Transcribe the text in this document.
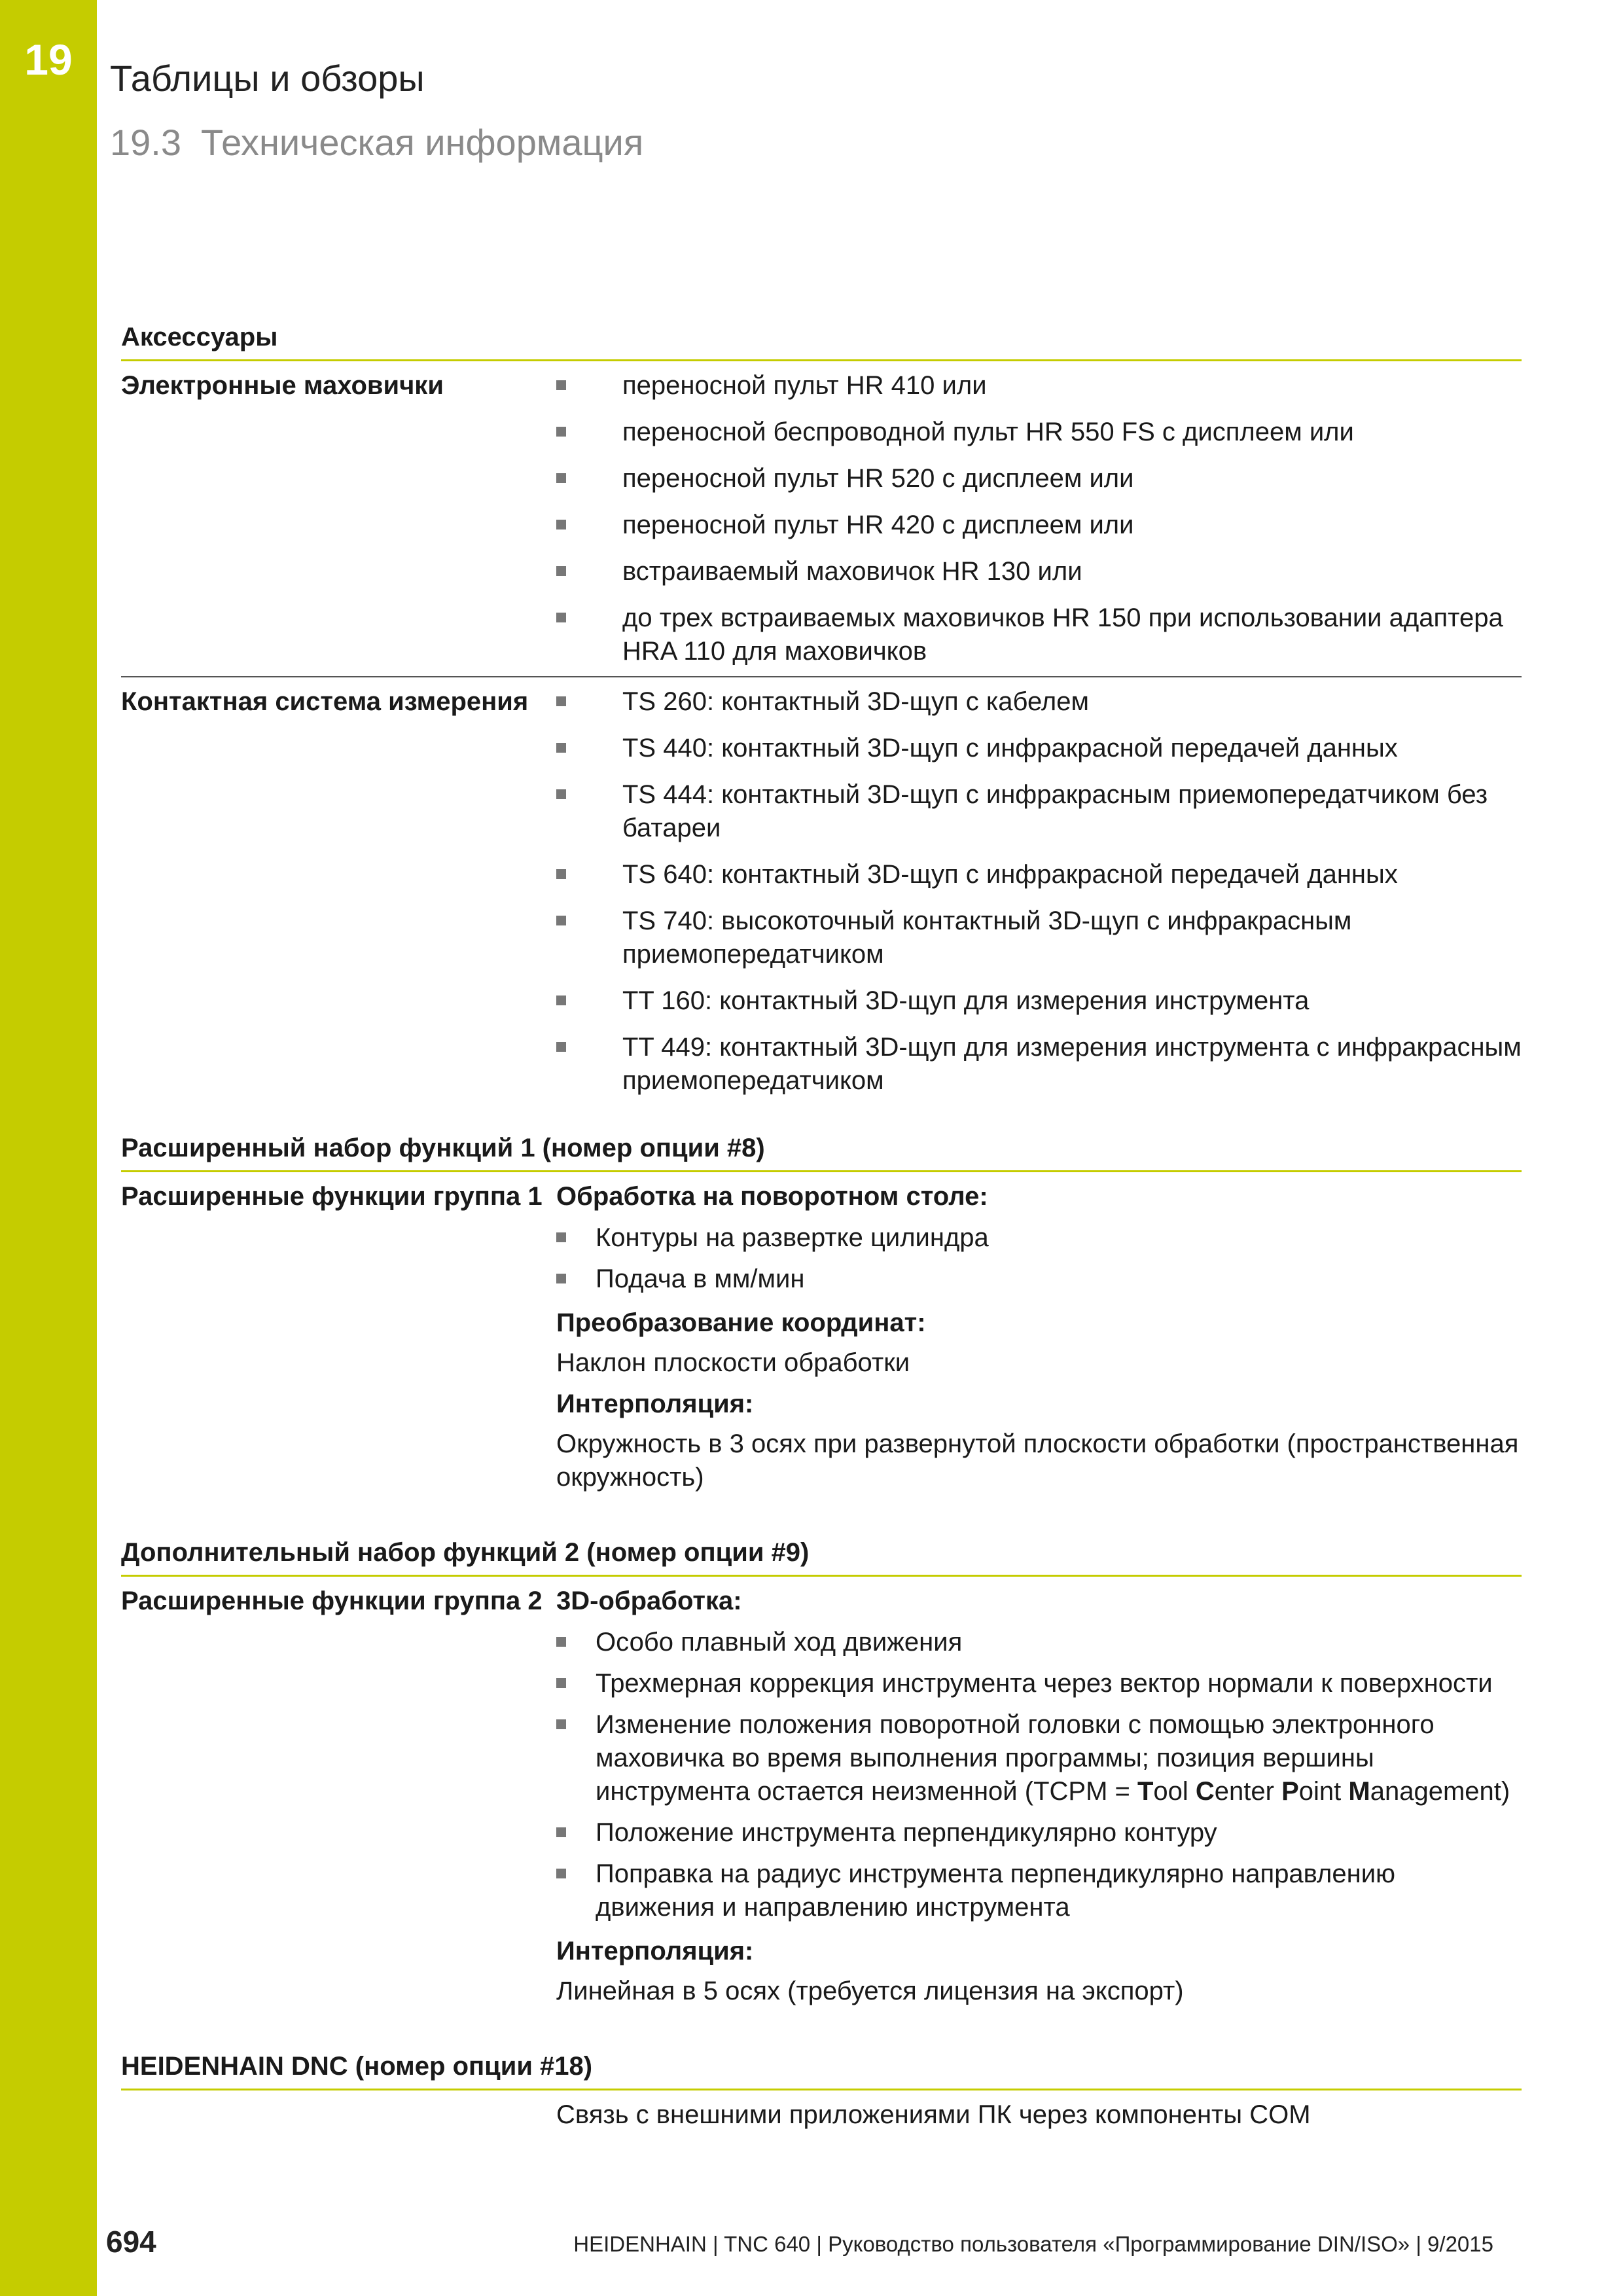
19	Таблицы и обзоры
19.3 Техническая информация
Аксессуары
Электронные маховички	переносной пульт HR 410 или
переносной беспроводной пульт HR 550 FS с дисплеем или
переносной пульт HR 520 с дисплеем или
переносной пульт HR 420 с дисплеем или
встраиваемый маховичок HR 130 или
до трех встраиваемых маховичков HR 150 при использовании адаптера HRA 110 для маховичков
Контактная система измерения	TS 260: контактный 3D-щуп с кабелем
TS 440: контактный 3D-щуп с инфракрасной передачей данных
TS 444: контактный 3D-щуп с инфракрасным приемопередатчиком без батареи
TS 640: контактный 3D-щуп с инфракрасной передачей данных
TS 740: высокоточный контактный 3D-щуп с инфракрасным приемопередатчиком
TT 160: контактный 3D-щуп для измерения инструмента
TT 449: контактный 3D-щуп для измерения инструмента с инфракрасным приемопередатчиком
Расширенный набор функций 1 (номер опции #8)
Расширенные функции группа 1 Обработка на поворотном столе:
Контуры на развертке цилиндра
Подача в мм/мин
Преобразование координат:
Наклон плоскости обработки
Интерполяция:
Окружность в 3 осях при развернутой плоскости обработки (пространственная окружность)
Дополнительный набор функций 2 (номер опции #9)
Расширенные функции группа 2 3D-обработка:
Особо плавный ход движения
Трехмерная коррекция инструмента через вектор нормали к поверхности
Изменение положения поворотной головки с помощью электронного маховичка во время выполнения программы; позиция вершины инструмента остается неизменной (TCPM = Tool Center Point Management)
Положение инструмента перпендикулярно контуру
Поправка на радиус инструмента перпендикулярно направлению движения и направлению инструмента
Интерполяция:
Линейная в 5 осях (требуется лицензия на экспорт)
HEIDENHAIN DNC (номер опции #18)
Связь с внешними приложениями ПК через компоненты COM
694	HEIDENHAIN | TNC 640 | Руководство пользователя «Программирование DIN/ISO» | 9/2015
